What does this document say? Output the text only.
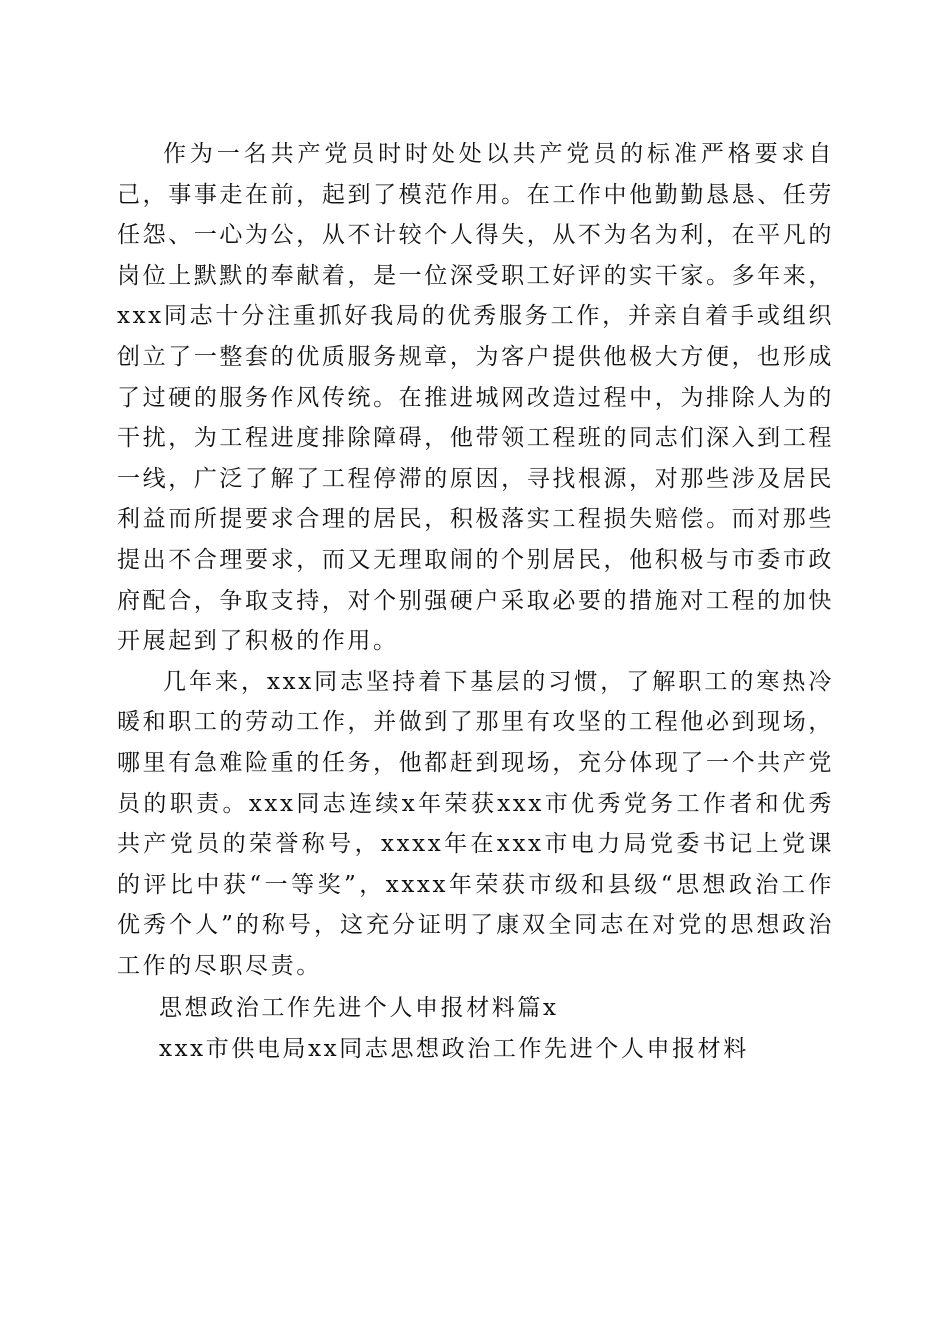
作为一名共产党员时时处处以共产党员的标准严格要求自己，事事走在前，起到了模范作用。在工作中他勤勤恳恳、任劳任怨、一心为公，从不计较个人得失，从不为名为利，在平凡的岗位上默默的奉献着，是一位深受职工好评的实干家。多年来，xxx同志十分注重抓好我局的优秀服务工作，并亲自着手或组织创立了一整套的优质服务规章，为客户提供他极大方便，也形成了过硬的服务作风传统。在推进城网改造过程中，为排除人为的干扰，为工程进度排除障碍，他带领工程班的同志们深入到工程一线，广泛了解了工程停滞的原因，寻找根源，对那些涉及居民利益而所提要求合理的居民，积极落实工程损失赔偿。而对那些提出不合理要求，而又无理取闹的个别居民，他积极与市委市政府配合，争取支持，对个别强硬户采取必要的措施对工程的加快开展起到了积极的作用。

几年来，xxx同志坚持着下基层的习惯，了解职工的寒热冷暖和职工的劳动工作，并做到了那里有攻坚的工程他必到现场，哪里有急难险重的任务，他都赶到现场，充分体现了一个共产党员的职责。xxx同志连续x年荣获xxx市优秀党务工作者和优秀共产党员的荣誉称号，xxxx年在xxx市电力局党委书记上党课的评比中获“一等奖”，xxxx年荣获市级和县级“思想政治工作优秀个人”的称号，这充分证明了康双全同志在对党的思想政治工作的尽职尽责。

思想政治工作先进个人申报材料篇x

xxx市供电局xx同志思想政治工作先进个人申报材料
